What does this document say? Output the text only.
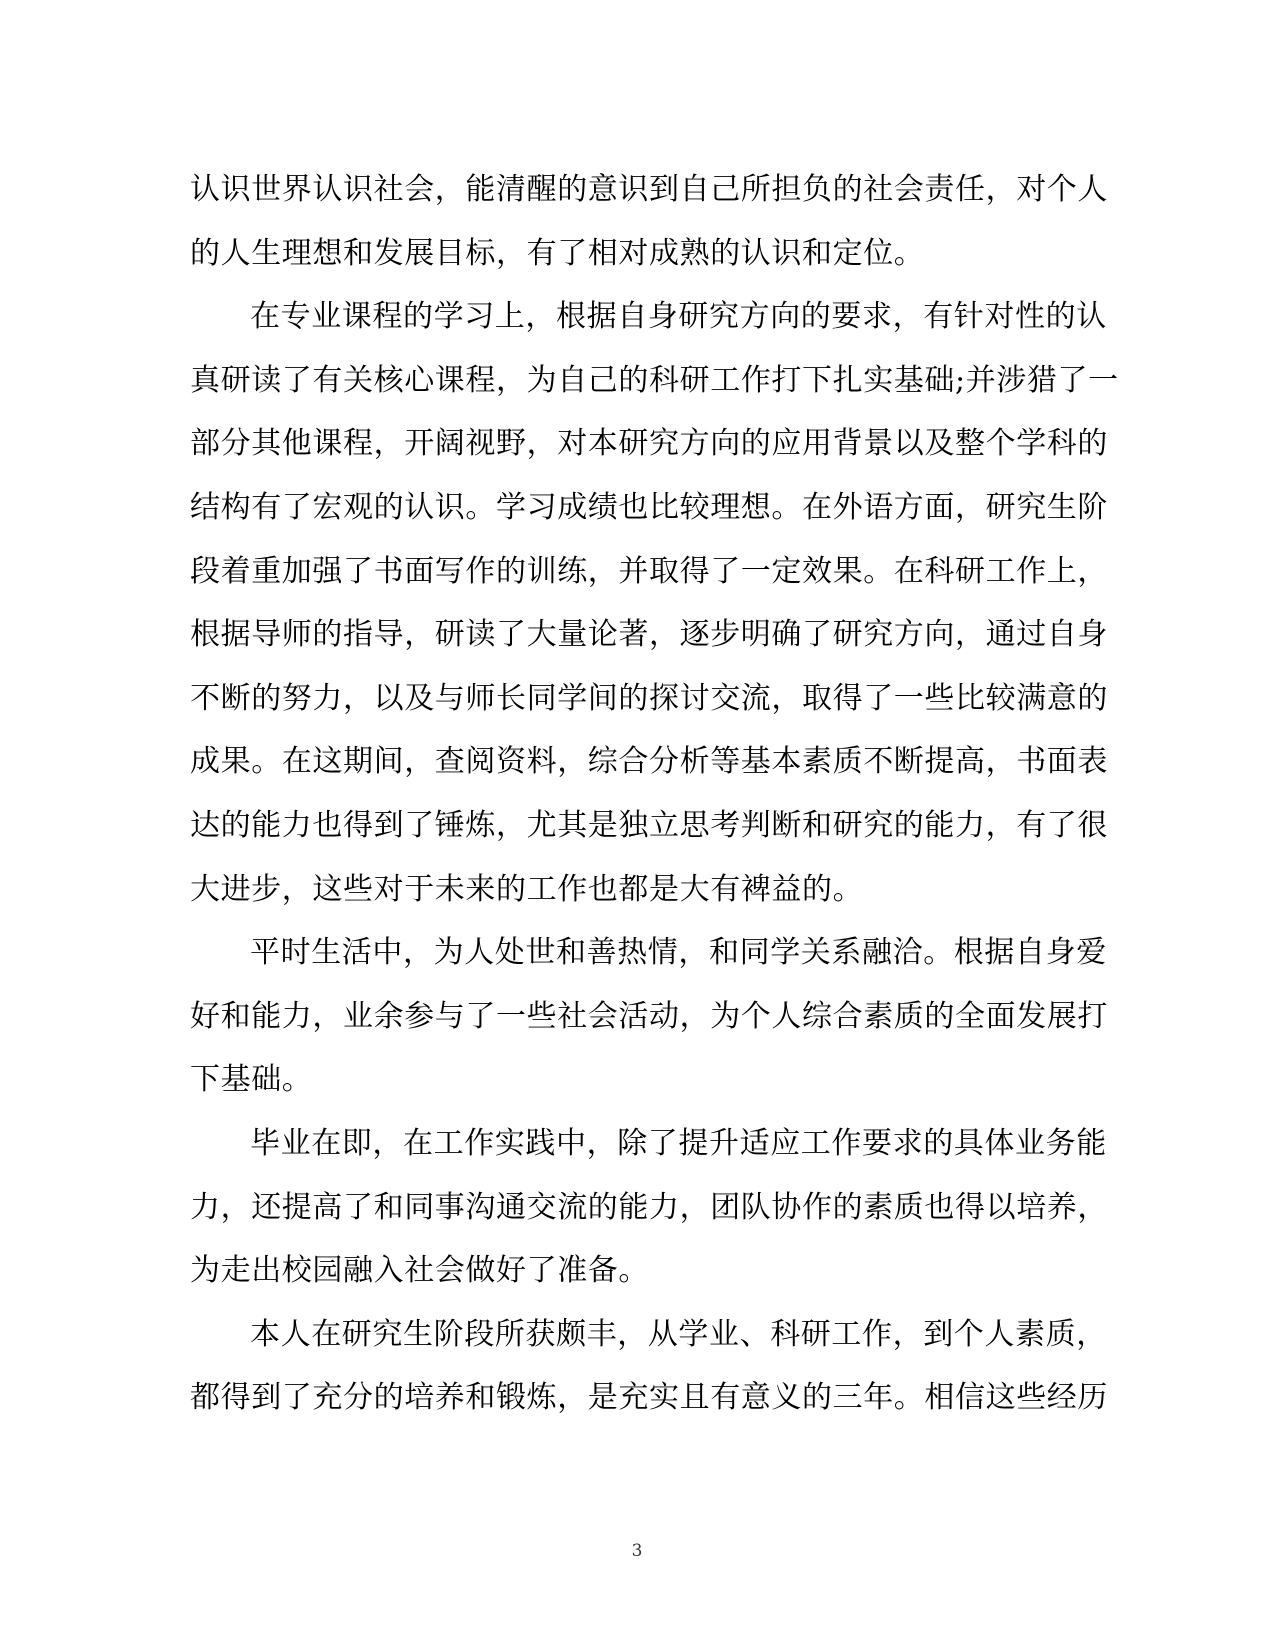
认识世界认识社会，能清醒的意识到自己所担负的社会责任，对个人
的人生理想和发展目标，有了相对成熟的认识和定位。
在专业课程的学习上，根据自身研究方向的要求，有针对性的认
真研读了有关核心课程，为自己的科研工作打下扎实基础;并涉猎了一
部分其他课程，开阔视野，对本研究方向的应用背景以及整个学科的
结构有了宏观的认识。学习成绩也比较理想。在外语方面，研究生阶
段着重加强了书面写作的训练，并取得了一定效果。在科研工作上，
根据导师的指导，研读了大量论著，逐步明确了研究方向，通过自身
不断的努力，以及与师长同学间的探讨交流，取得了一些比较满意的
成果。在这期间，查阅资料，综合分析等基本素质不断提高，书面表
达的能力也得到了锤炼，尤其是独立思考判断和研究的能力，有了很
大进步，这些对于未来的工作也都是大有裨益的。
平时生活中，为人处世和善热情，和同学关系融洽。根据自身爱
好和能力，业余参与了一些社会活动，为个人综合素质的全面发展打
下基础。
毕业在即，在工作实践中，除了提升适应工作要求的具体业务能
力，还提高了和同事沟通交流的能力，团队协作的素质也得以培养，
为走出校园融入社会做好了准备。
本人在研究生阶段所获颇丰，从学业、科研工作，到个人素质，
都得到了充分的培养和锻炼，是充实且有意义的三年。相信这些经历
3
